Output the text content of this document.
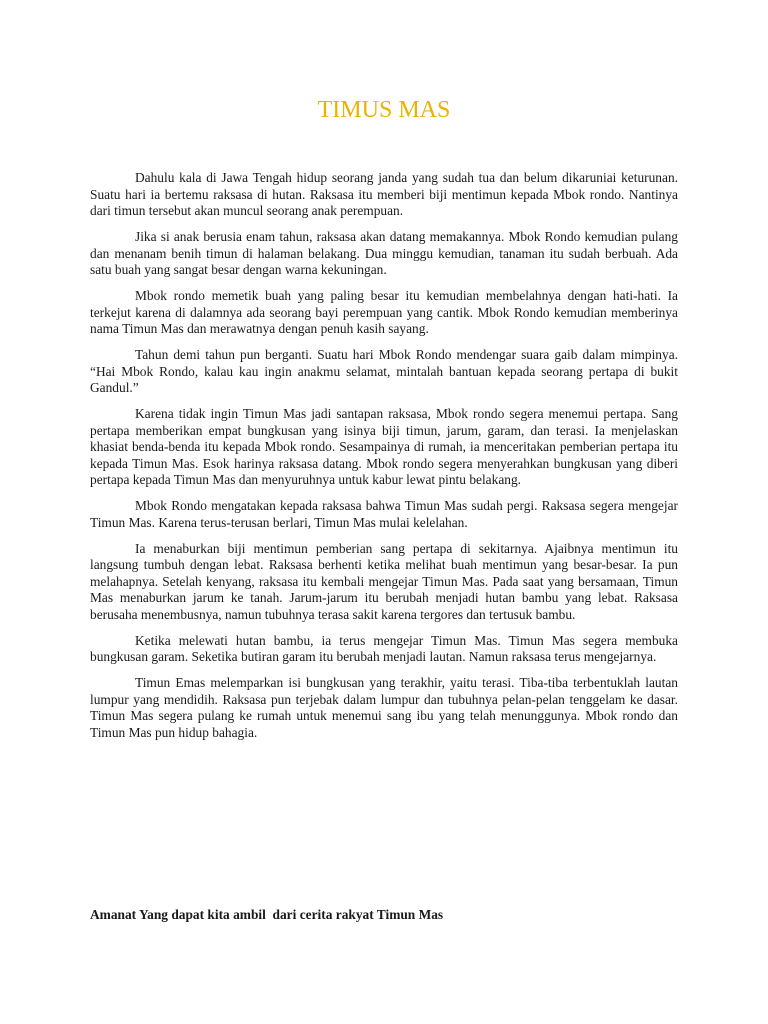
TIMUS MAS

Dahulu kala di Jawa Tengah hidup seorang janda yang sudah tua dan belum dikaruniai keturunan. Suatu hari ia bertemu raksasa di hutan. Raksasa itu memberi biji mentimun kepada Mbok rondo. Nantinya dari timun tersebut akan muncul seorang anak perempuan.

Jika si anak berusia enam tahun, raksasa akan datang memakannya. Mbok Rondo kemudian pulang dan menanam benih timun di halaman belakang. Dua minggu kemudian, tanaman itu sudah berbuah. Ada satu buah yang sangat besar dengan warna kekuningan.

Mbok rondo memetik buah yang paling besar itu kemudian membelahnya dengan hati-hati. Ia terkejut karena di dalamnya ada seorang bayi perempuan yang cantik. Mbok Rondo kemudian memberinya nama Timun Mas dan merawatnya dengan penuh kasih sayang.

Tahun demi tahun pun berganti. Suatu hari Mbok Rondo mendengar suara gaib dalam mimpinya. “Hai Mbok Rondo, kalau kau ingin anakmu selamat, mintalah bantuan kepada seorang pertapa di bukit Gandul.”

Karena tidak ingin Timun Mas jadi santapan raksasa, Mbok rondo segera menemui pertapa. Sang pertapa memberikan empat bungkusan yang isinya biji timun, jarum, garam, dan terasi. Ia menjelaskan khasiat benda-benda itu kepada Mbok rondo. Sesampainya di rumah, ia menceritakan pemberian pertapa itu kepada Timun Mas. Esok harinya raksasa datang. Mbok rondo segera menyerahkan bungkusan yang diberi pertapa kepada Timun Mas dan menyuruhnya untuk kabur lewat pintu belakang.

Mbok Rondo mengatakan kepada raksasa bahwa Timun Mas sudah pergi. Raksasa segera mengejar Timun Mas. Karena terus-terusan berlari, Timun Mas mulai kelelahan.

Ia menaburkan biji mentimun pemberian sang pertapa di sekitarnya. Ajaibnya mentimun itu langsung tumbuh dengan lebat. Raksasa berhenti ketika melihat buah mentimun yang besar-besar. Ia pun melahapnya. Setelah kenyang, raksasa itu kembali mengejar Timun Mas. Pada saat yang bersamaan, Timun Mas menaburkan jarum ke tanah. Jarum-jarum itu berubah menjadi hutan bambu yang lebat. Raksasa berusaha menembusnya, namun tubuhnya terasa sakit karena tergores dan tertusuk bambu.

Ketika melewati hutan bambu, ia terus mengejar Timun Mas. Timun Mas segera membuka bungkusan garam. Seketika butiran garam itu berubah menjadi lautan. Namun raksasa terus mengejarnya.

Timun Emas melemparkan isi bungkusan yang terakhir, yaitu terasi. Tiba-tiba terbentuklah lautan lumpur yang mendidih. Raksasa pun terjebak dalam lumpur dan tubuhnya pelan-pelan tenggelam ke dasar. Timun Mas segera pulang ke rumah untuk menemui sang ibu yang telah menunggunya. Mbok rondo dan Timun Mas pun hidup bahagia.

Amanat Yang dapat kita ambil  dari cerita rakyat Timun Mas
